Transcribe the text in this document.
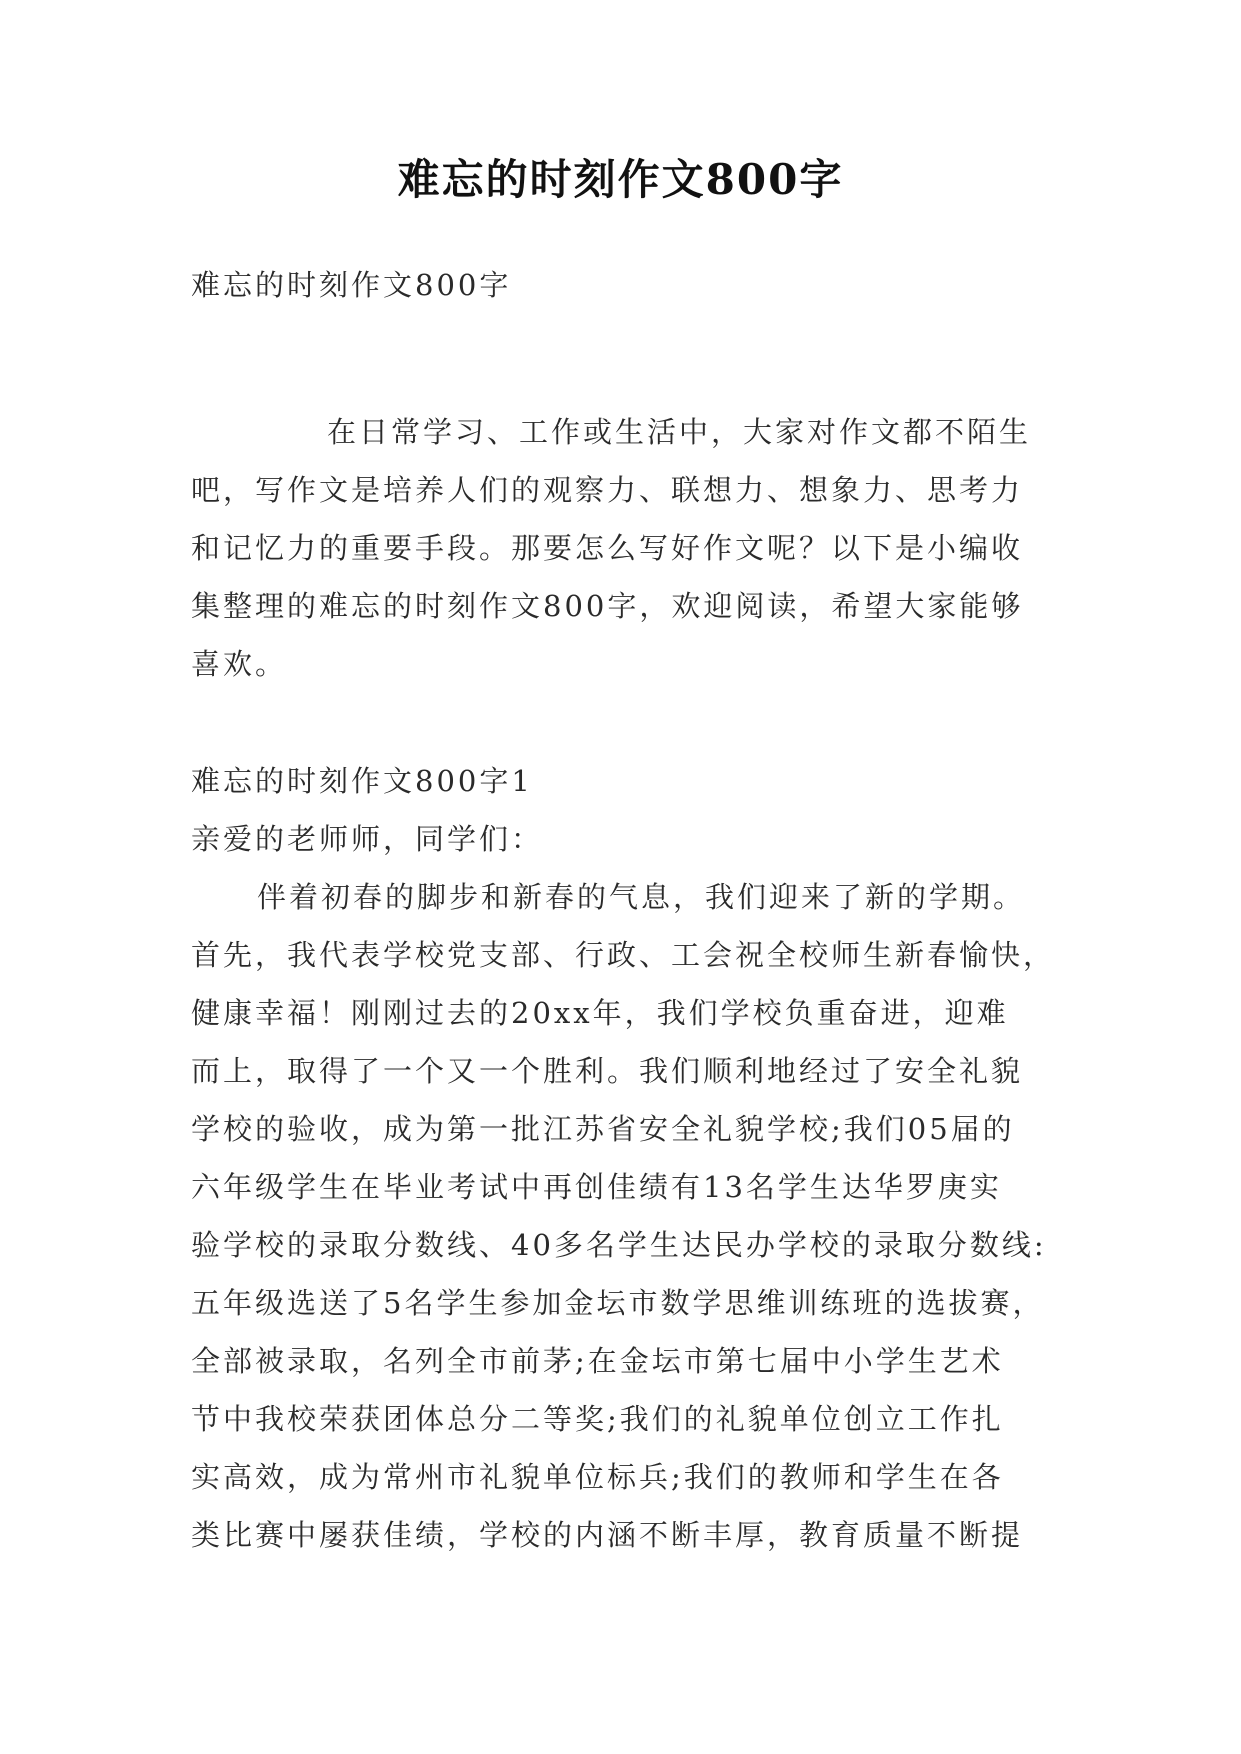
难忘的时刻作文800字
难忘的时刻作文800字
在日常学习、工作或生活中，大家对作文都不陌生
吧，写作文是培养人们的观察力、联想力、想象力、思考力
和记忆力的重要手段。那要怎么写好作文呢？以下是小编收
集整理的难忘的时刻作文800字，欢迎阅读，希望大家能够
喜欢。
难忘的时刻作文800字1
亲爱的老师师，同学们：
伴着初春的脚步和新春的气息，我们迎来了新的学期。
首先，我代表学校党支部、行政、工会祝全校师生新春愉快，
健康幸福！刚刚过去的20xx年，我们学校负重奋进，迎难
而上，取得了一个又一个胜利。我们顺利地经过了安全礼貌
学校的验收，成为第一批江苏省安全礼貌学校;我们05届的
六年级学生在毕业考试中再创佳绩有13名学生达华罗庚实
验学校的录取分数线、40多名学生达民办学校的录取分数线:
五年级选送了5名学生参加金坛市数学思维训练班的选拔赛，
全部被录取，名列全市前茅;在金坛市第七届中小学生艺术
节中我校荣获团体总分二等奖;我们的礼貌单位创立工作扎
实高效，成为常州市礼貌单位标兵;我们的教师和学生在各
类比赛中屡获佳绩，学校的内涵不断丰厚，教育质量不断提
